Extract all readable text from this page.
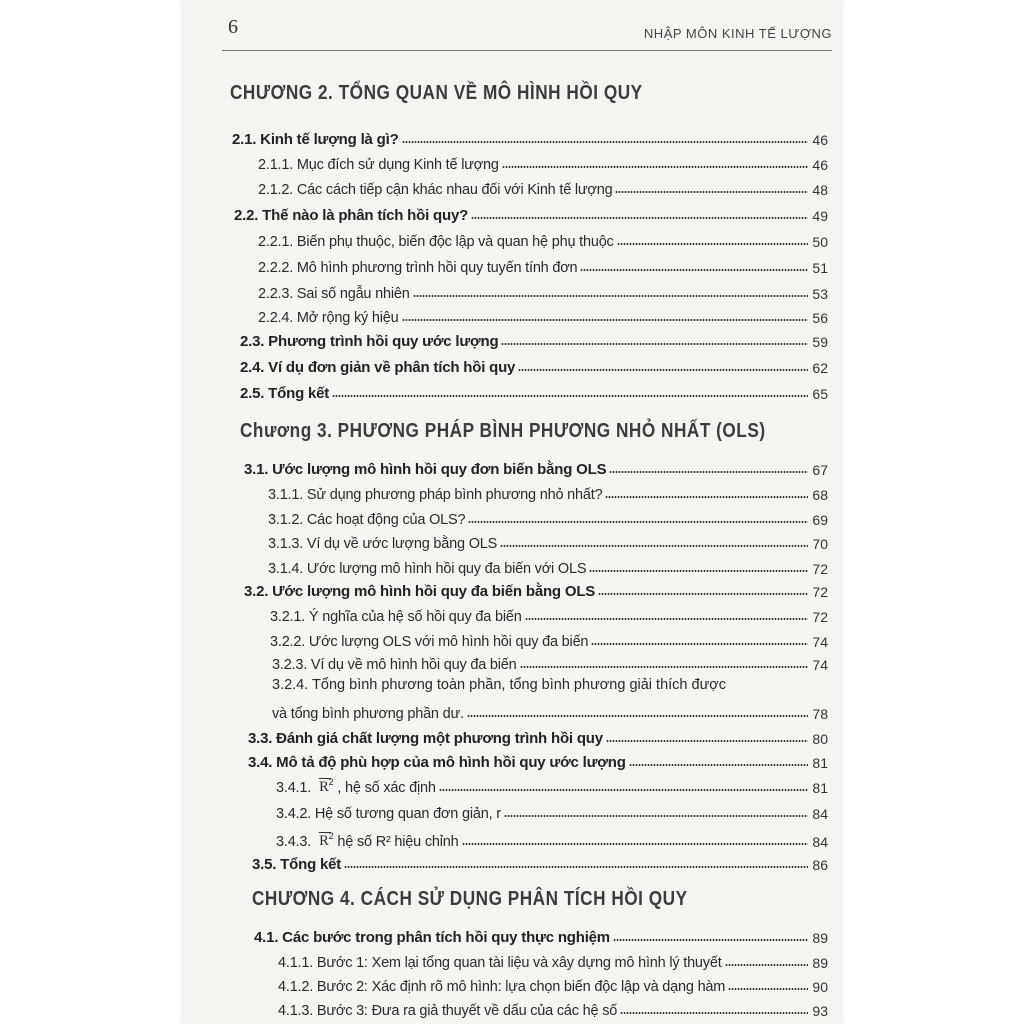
6	NHẬP MÔN KINH TẾ LƯỢNG
CHƯƠNG 2. TỔNG QUAN VỀ MÔ HÌNH HỒI QUY
2.1. Kinh tế lượng là gì?	46
2.1.1. Mục đích sử dụng Kinh tế lượng	46
2.1.2. Các cách tiếp cận khác nhau đối với Kinh tế lượng	48
2.2. Thế nào là phân tích hồi quy?	49
2.2.1. Biến phụ thuộc, biến độc lập và quan hệ phụ thuộc	50
2.2.2. Mô hình phương trình hồi quy tuyến tính đơn	51
2.2.3. Sai số ngẫu nhiên	53
2.2.4. Mở rộng ký hiệu	56
2.3. Phương trình hồi quy ước lượng	59
2.4. Ví dụ đơn giản về phân tích hồi quy	62
2.5. Tổng kết	65
Chương 3. PHƯƠNG PHÁP BÌNH PHƯƠNG NHỎ NHẤT (OLS)
3.1. Ước lượng mô hình hồi quy đơn biến bằng OLS	67
3.1.1. Sử dụng phương pháp bình phương nhỏ nhất?	68
3.1.2. Các hoạt động của OLS?	69
3.1.3. Ví dụ về ước lượng bằng OLS	70
3.1.4. Ước lượng mô hình hồi quy đa biến với OLS	72
3.2. Ước lượng mô hình hồi quy đa biến bằng OLS	72
3.2.1. Ý nghĩa của hệ số hồi quy đa biến	72
3.2.2. Ước lượng OLS với mô hình hồi quy đa biến	74
3.2.3. Ví dụ về mô hình hồi quy đa biến	74
3.2.4. Tổng bình phương toàn phần, tổng bình phương giải thích được
và tổng bình phương phần dư.	78
3.3. Đánh giá chất lượng một phương trình hồi quy	80
3.4. Mô tả độ phù hợp của mô hình hồi quy ước lượng	81
3.4.1. $R^2$ , hệ số xác định	81
3.4.2. Hệ số tương quan đơn giản, r	84
3.4.3. $R^2$ hệ số R² hiệu chỉnh	84
3.5. Tổng kết	86
CHƯƠNG 4. CÁCH SỬ DỤNG PHÂN TÍCH HỒI QUY
4.1. Các bước trong phân tích hồi quy thực nghiệm	89
4.1.1. Bước 1: Xem lại tổng quan tài liệu và xây dựng mô hình lý thuyết	89
4.1.2. Bước 2: Xác định rõ mô hình: lựa chọn biến độc lập và dạng hàm	90
4.1.3. Bước 3: Đưa ra giả thuyết về dấu của các hệ số	93
